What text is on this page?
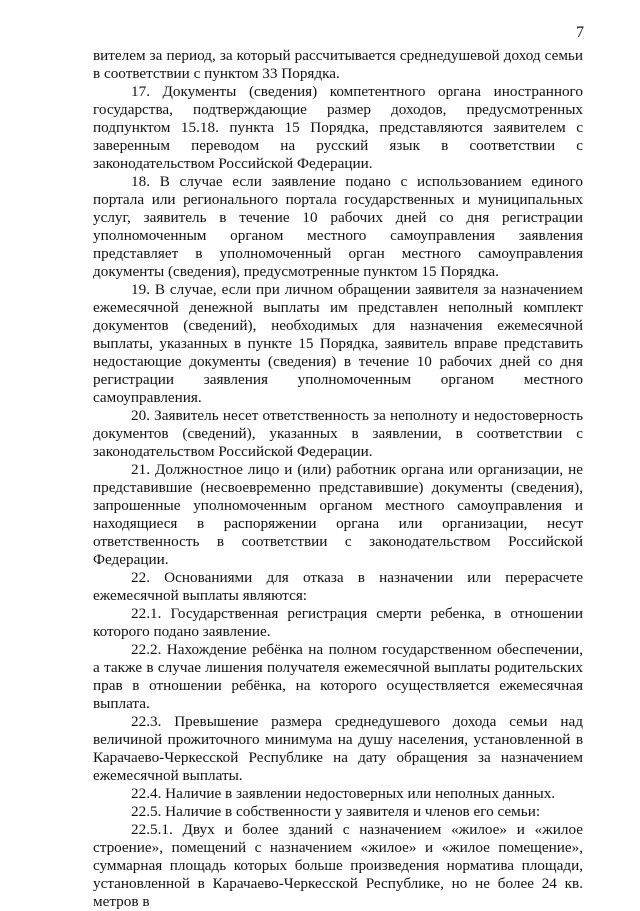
7

вителем за период, за который рассчитывается среднедушевой доход семьи в соответствии с пунктом 33 Порядка.

17. Документы (сведения) компетентного органа иностранного государства, подтверждающие размер доходов, предусмотренных подпунктом 15.18. пункта 15 Порядка, представляются заявителем с заверенным переводом на русский язык в соответствии с законодательством Российской Федерации.

18. В случае если заявление подано с использованием единого портала или регионального портала государственных и муниципальных услуг, заявитель в течение 10 рабочих дней со дня регистрации уполномоченным органом местного самоуправления заявления представляет в уполномоченный орган местного самоуправления документы (сведения), предусмотренные пунктом 15 Порядка.

19. В случае, если при личном обращении заявителя за назначением ежемесячной денежной выплаты им представлен неполный комплект документов (сведений), необходимых для назначения ежемесячной выплаты, указанных в пункте 15 Порядка, заявитель вправе представить недостающие документы (сведения) в течение 10 рабочих дней со дня регистрации заявления уполномоченным органом местного самоуправления.

20. Заявитель несет ответственность за неполноту и недостоверность документов (сведений), указанных в заявлении, в соответствии с законодательством Российской Федерации.

21. Должностное лицо и (или) работник органа или организации, не представившие (несвоевременно представившие) документы (сведения), запрошенные уполномоченным органом местного самоуправления и находящиеся в распоряжении органа или организации, несут ответственность в соответствии с законодательством Российской Федерации.

22. Основаниями для отказа в назначении или перерасчете ежемесячной выплаты являются:

22.1. Государственная регистрация смерти ребенка, в отношении которого подано заявление.

22.2. Нахождение ребёнка на полном государственном обеспечении, а также в случае лишения получателя ежемесячной выплаты родительских прав в отношении ребёнка, на которого осуществляется ежемесячная выплата.

22.3. Превышение размера среднедушевого дохода семьи над величиной прожиточного минимума на душу населения, установленной в Карачаево-Черкесской Республике на дату обращения за назначением ежемесячной выплаты.

22.4. Наличие в заявлении недостоверных или неполных данных.

22.5. Наличие в собственности у заявителя и членов его семьи:

22.5.1. Двух и более зданий с назначением «жилое» и «жилое строение», помещений с назначением «жилое» и «жилое помещение», суммарная площадь которых больше произведения норматива площади, установленной в Карачаево-Черкесской Республике, но не более 24 кв. метров в
